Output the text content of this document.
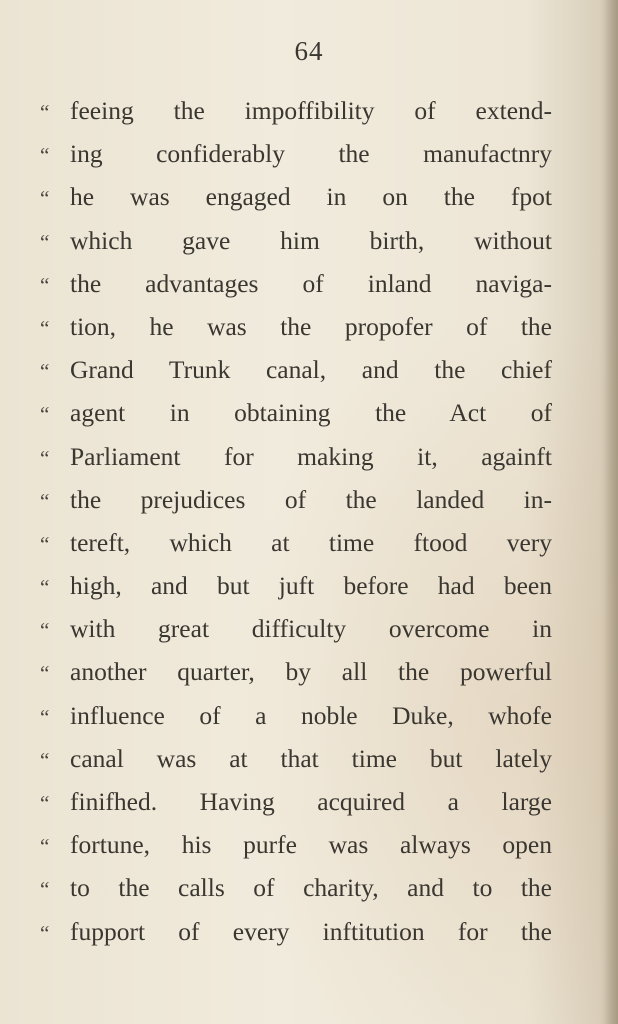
64
“ feeing the impoffibility of extend-
“ ing confiderably the manufactnry
“ he was engaged in on the fpot
“ which gave him birth, without
“ the advantages of inland naviga-
“ tion, he was the propofer of the
“ Grand Trunk canal, and the chief
“ agent in obtaining the Act of
“ Parliament for making it, againft
“ the prejudices of the landed in-
“ tereft, which at time ftood very
“ high, and but juft before had been
“ with great difficulty overcome in
“ another quarter, by all the powerful
“ influence of a noble Duke, whofe
“ canal was at that time but lately
“ finifhed. Having acquired a large
“ fortune, his purfe was always open
“ to the calls of charity, and to the
“ fupport of every inftitution for the
